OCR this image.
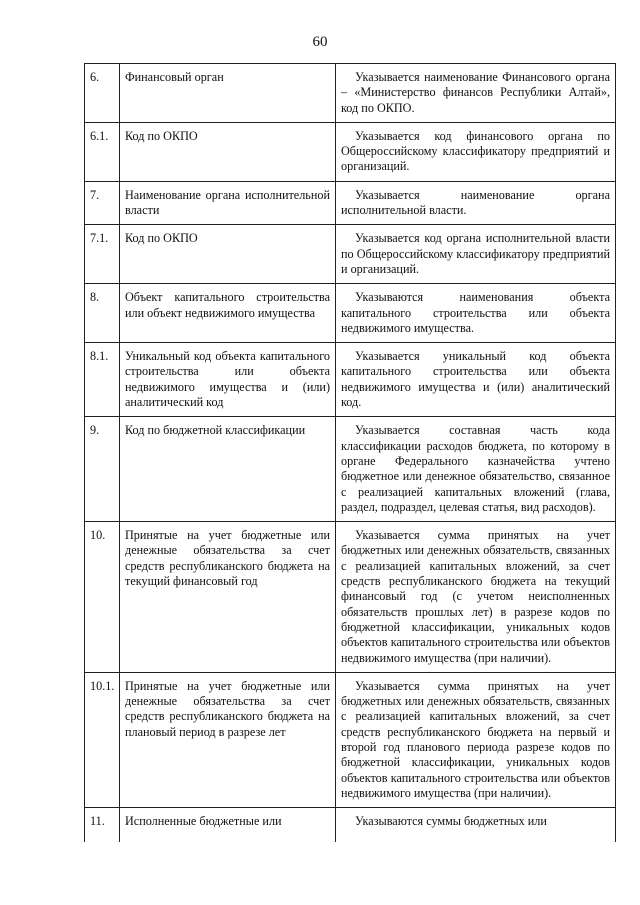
60
6.	Финансовый орган	Указывается наименование Финансового органа – «Министерство финансов Республики Алтай», код по ОКПО.
6.1.	Код по ОКПО	Указывается код финансового органа по Общероссийскому классификатору предприятий и организаций.
7.	Наименование органа исполнительной власти	Указывается наименование органа исполнительной власти.
7.1.	Код по ОКПО	Указывается код органа исполнительной власти по Общероссийскому классификатору предприятий и организаций.
8.	Объект капитального строительства или объект недвижимого имущества	Указываются наименования объекта капитального строительства или объекта недвижимого имущества.
8.1.	Уникальный код объекта капитального строительства или объекта недвижимого имущества и (или) аналитический код	Указывается уникальный код объекта капитального строительства или объекта недвижимого имущества и (или) аналитический код.
9.	Код по бюджетной классификации	Указывается составная часть кода классификации расходов бюджета, по которому в органе Федерального казначейства учтено бюджетное или денежное обязательство, связанное с реализацией капитальных вложений (глава, раздел, подраздел, целевая статья, вид расходов).
10.	Принятые на учет бюджетные или денежные обязательства за счет средств республиканского бюджета на текущий финансовый год	Указывается сумма принятых на учет бюджетных или денежных обязательств, связанных с реализацией капитальных вложений, за счет средств республиканского бюджета на текущий финансовый год (с учетом неисполненных обязательств прошлых лет) в разрезе кодов по бюджетной классификации, уникальных кодов объектов капитального строительства или объектов недвижимого имущества (при наличии).
10.1.	Принятые на учет бюджетные или денежные обязательства за счет средств республиканского бюджета на плановый период в разрезе лет	Указывается сумма принятых на учет бюджетных или денежных обязательств, связанных с реализацией капитальных вложений, за счет средств республиканского бюджета на первый и второй год планового периода разрезе кодов по бюджетной классификации, уникальных кодов объектов капитального строительства или объектов недвижимого имущества (при наличии).
11.	Исполненные бюджетные или	Указываются суммы бюджетных или
